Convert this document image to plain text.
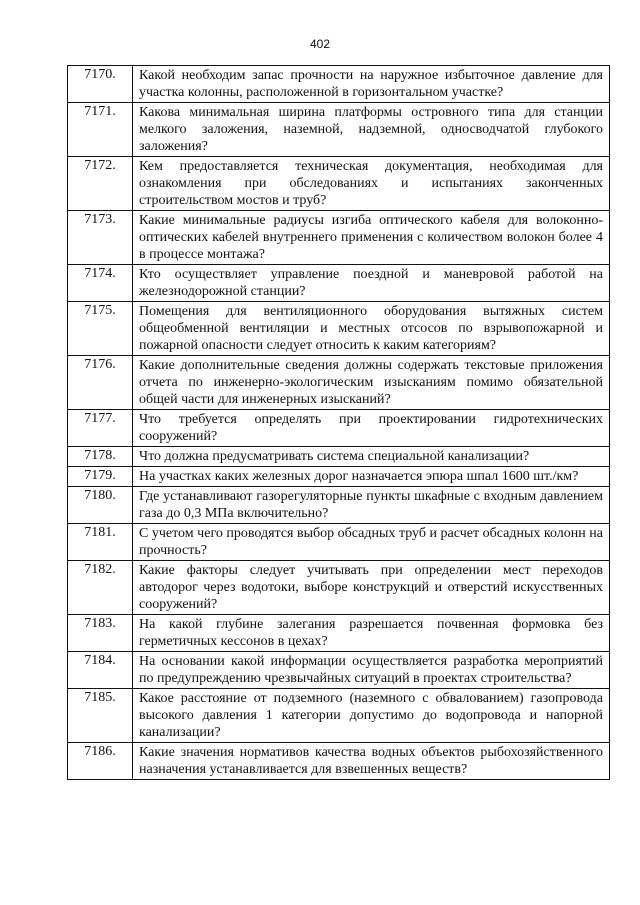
402
7170.	Какой необходим запас прочности на наружное избыточное давление для участка колонны, расположенной в горизонтальном участке?
7171.	Какова минимальная ширина платформы островного типа для станции мелкого заложения, наземной, надземной, односводчатой глубокого заложения?
7172.	Кем предоставляется техническая документация, необходимая для ознакомления при обследованиях и испытаниях законченных строительством мостов и труб?
7173.	Какие минимальные радиусы изгиба оптического кабеля для волоконно-оптических кабелей внутреннего применения с количеством волокон более 4 в процессе монтажа?
7174.	Кто осуществляет управление поездной и маневровой работой на железнодорожной станции?
7175.	Помещения для вентиляционного оборудования вытяжных систем общеобменной вентиляции и местных отсосов по взрывопожарной и пожарной опасности следует относить к каким категориям?
7176.	Какие дополнительные сведения должны содержать текстовые приложения отчета по инженерно-экологическим изысканиям помимо обязательной общей части для инженерных изысканий?
7177.	Что требуется определять при проектировании гидротехнических сооружений?
7178.	Что должна предусматривать система специальной канализации?
7179.	На участках каких железных дорог назначается эпюра шпал 1600 шт./км?
7180.	Где устанавливают газорегуляторные пункты шкафные с входным давлением газа до 0,3 МПа включительно?
7181.	С учетом чего проводятся выбор обсадных труб и расчет обсадных колонн на прочность?
7182.	Какие факторы следует учитывать при определении мест переходов автодорог через водотоки, выборе конструкций и отверстий искусственных сооружений?
7183.	На какой глубине залегания разрешается почвенная формовка без герметичных кессонов в цехах?
7184.	На основании какой информации осуществляется разработка мероприятий по предупреждению чрезвычайных ситуаций в проектах строительства?
7185.	Какое расстояние от подземного (наземного с обвалованием) газопровода высокого давления 1 категории допустимо до водопровода и напорной канализации?
7186.	Какие значения нормативов качества водных объектов рыбохозяйственного назначения устанавливается для взвешенных веществ?
